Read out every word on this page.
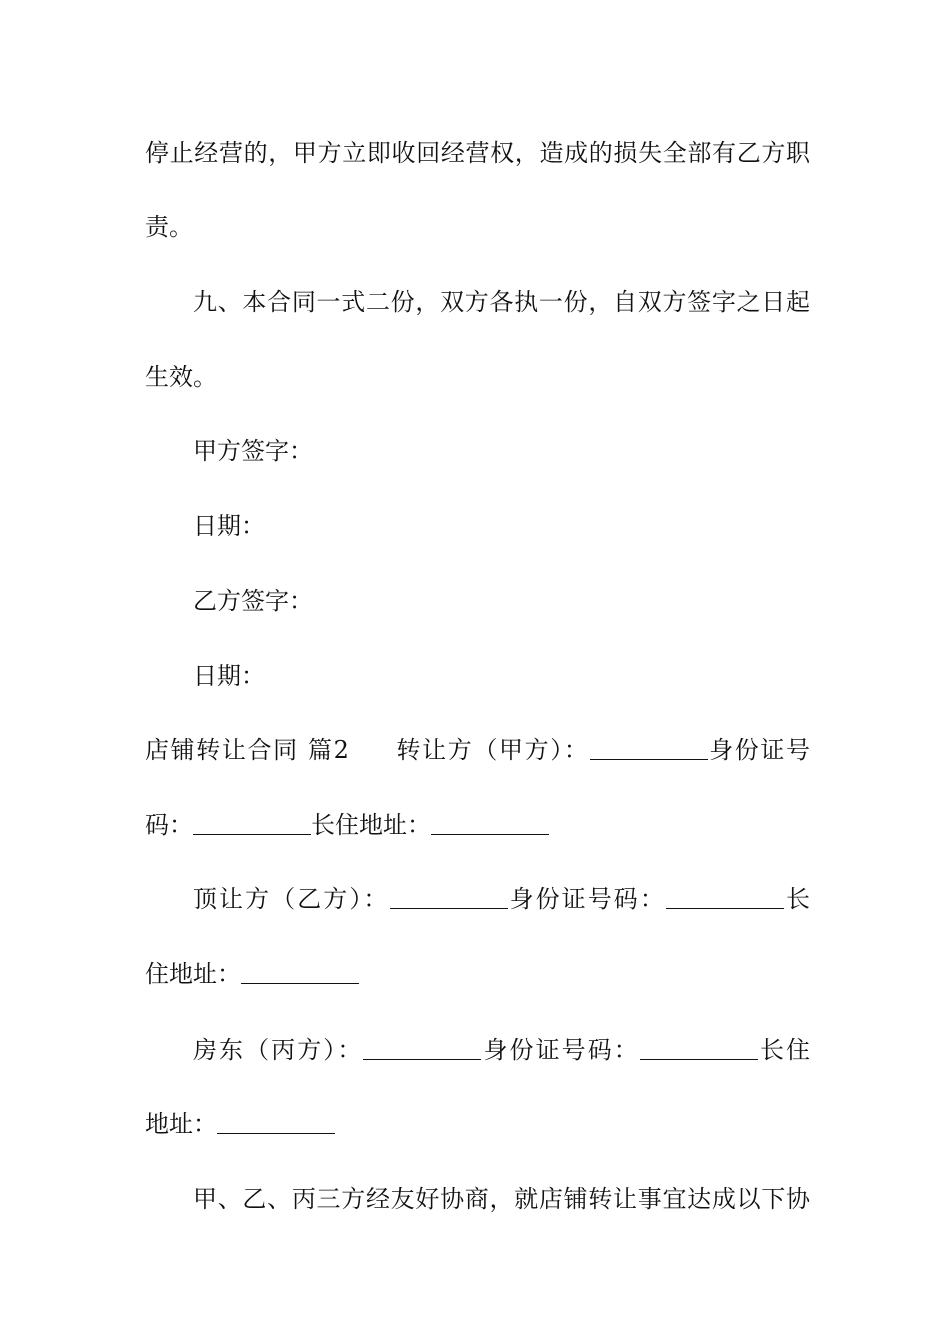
停止经营的，甲方立即收回经营权，造成的损失全部有乙方职
责。
九、本合同一式二份，双方各执一份，自双方签字之日起
生效。
甲方签字：
日期：
乙方签字：
日期：
店铺转让合同 篇2 转让方（甲方）：	身份证号
码：	长住地址：
顶让方（乙方）：	身份证号码：	长
住地址：
房东（丙方）：	身份证号码：	长住
地址：
甲、乙、丙三方经友好协商，就店铺转让事宜达成以下协
